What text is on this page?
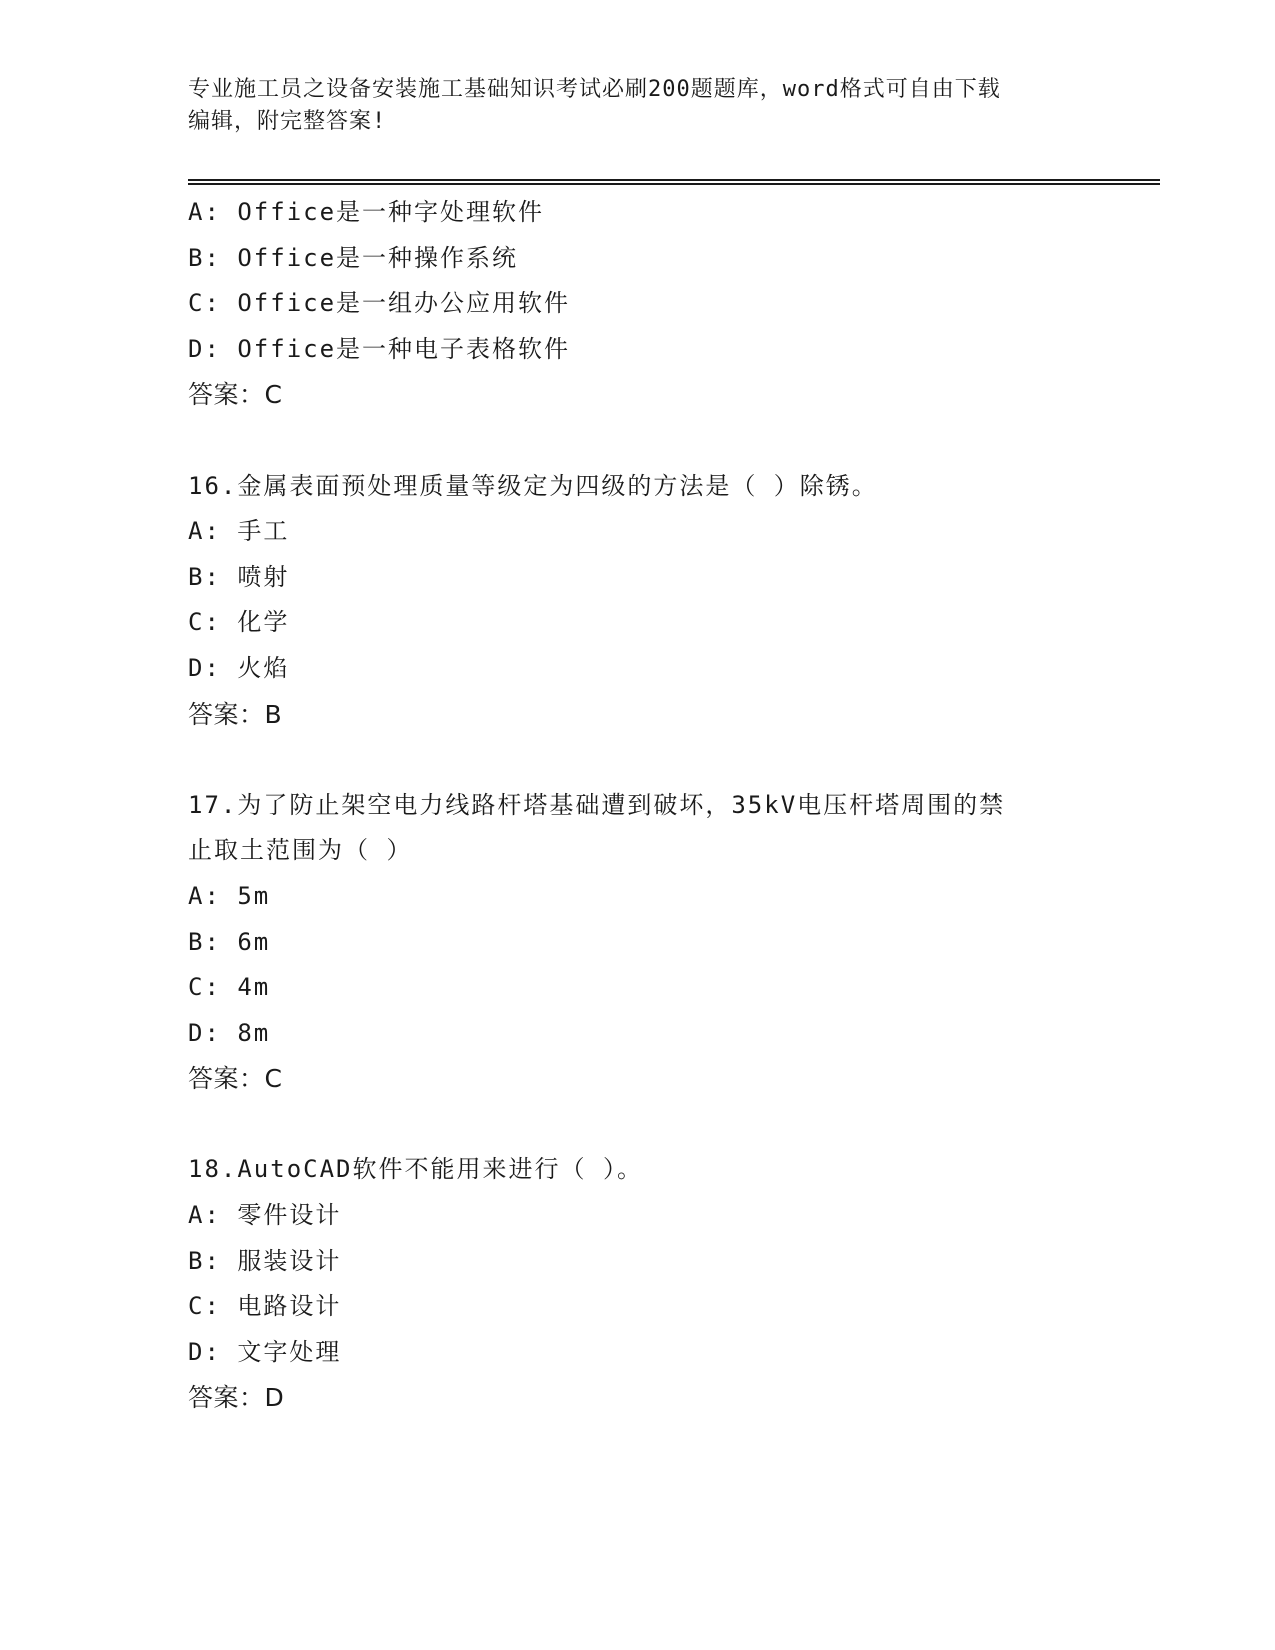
专业施工员之设备安装施工基础知识考试必刷200题题库，word格式可自由下载
编辑，附完整答案!
A: Office是一种字处理软件
B: Office是一种操作系统
C: Office是一组办公应用软件
D: Office是一种电子表格软件
答案：C
16.金属表面预处理质量等级定为四级的方法是（ ）除锈。
A: 手工
B: 喷射
C: 化学
D: 火焰
答案：B
17.为了防止架空电力线路杆塔基础遭到破坏，35kV电压杆塔周围的禁
止取土范围为（ ）
A: 5m
B: 6m
C: 4m
D: 8m
答案：C
18.AutoCAD软件不能用来进行（ ）。
A: 零件设计
B: 服装设计
C: 电路设计
D: 文字处理
答案：D
